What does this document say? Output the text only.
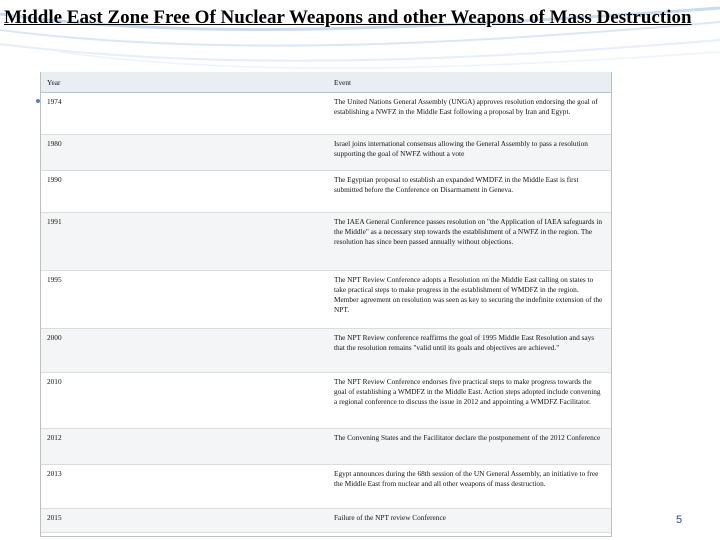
Middle East Zone Free Of Nuclear Weapons and other Weapons of Mass Destruction
Year	Event
1974	The United Nations General Assembly (UNGA) approves resolution endorsing the goal of establishing a NWFZ in the Middle East following a proposal by Iran and Egypt.
1980	Israel joins international consensus allowing the General Assembly to pass a resolution supporting the goal of NWFZ without a vote
1990	The Egyptian proposal to establish an expanded WMDFZ in the Middle East is first submitted before the Conference on Disarmament in Geneva.
1991	The IAEA General Conference passes resolution on "the Application of IAEA safeguards in the Middle" as a necessary step towards the establishment of a NWFZ in the region. The resolution has since been passed annually without objections.
1995	The NPT Review Conference adopts a Resolution on the Middle East calling on states to take practical steps to make progress in the establishment of WMDFZ in the region. Member agreement on resolution was seen as key to securing the indefinite extension of the NPT.
2000	The NPT Review conference reaffirms the goal of 1995 Middle East Resolution and says that the resolution remains "valid until its goals and objectives are achieved."
2010	The NPT Review Conference endorses five practical steps to make progress towards the goal of establishing a WMDFZ in the Middle East. Action steps adopted include convening a regional conference to discuss the issue in 2012 and appointing a WMDFZ Facilitator.
2012	The Convening States and the Facilitator declare the postponement of the 2012 Conference
2013	Egypt announces during the 68th session of the UN General Assembly, an initiative to free the Middle East from nuclear and all other weapons of mass destruction.
2015	Failure of the NPT review Conference	5
